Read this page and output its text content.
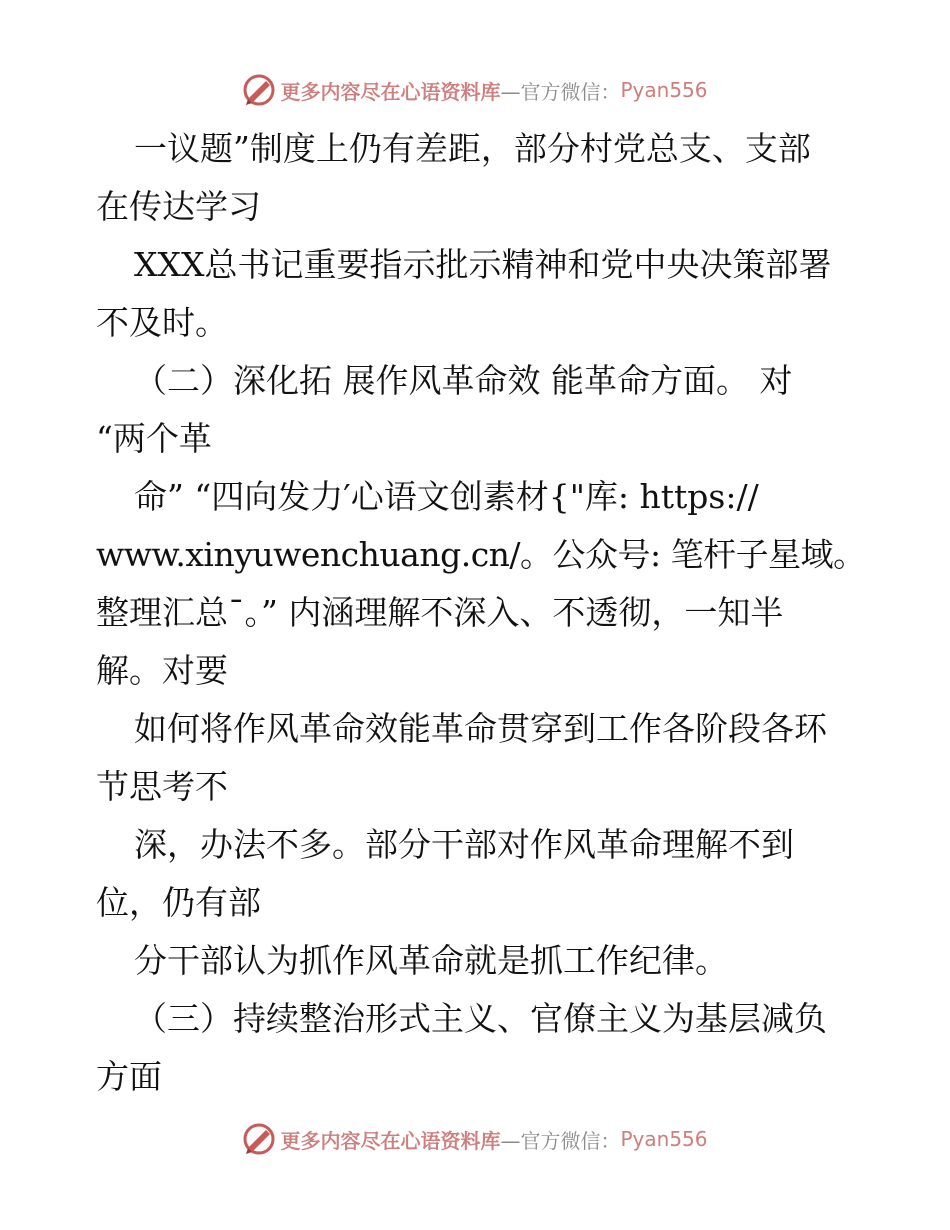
更多内容尽在心语资料库 —官方微信： Pyan556
一议题”制度上仍有差距，部分村党总支、支部
在传达学习
XXX总书记重要指示批示精神和党中央决策部署
不及时。
（二）深化拓 展作风革命效 能革命方面。 对
“两个革
命” “四向发力′心语文创素材{"库: https://
www.xinyuwenchuang.cn/。公众号: 笔杆子星域。
整理汇总¯。” 内涵理解不深入、不透彻，一知半
解。对要
如何将作风革命效能革命贯穿到工作各阶段各环
节思考不
深，办法不多。部分干部对作风革命理解不到
位，仍有部
分干部认为抓作风革命就是抓工作纪律。
（三）持续整治形式主义、官僚主义为基层减负
方面
更多内容尽在心语资料库 —官方微信： Pyan556
